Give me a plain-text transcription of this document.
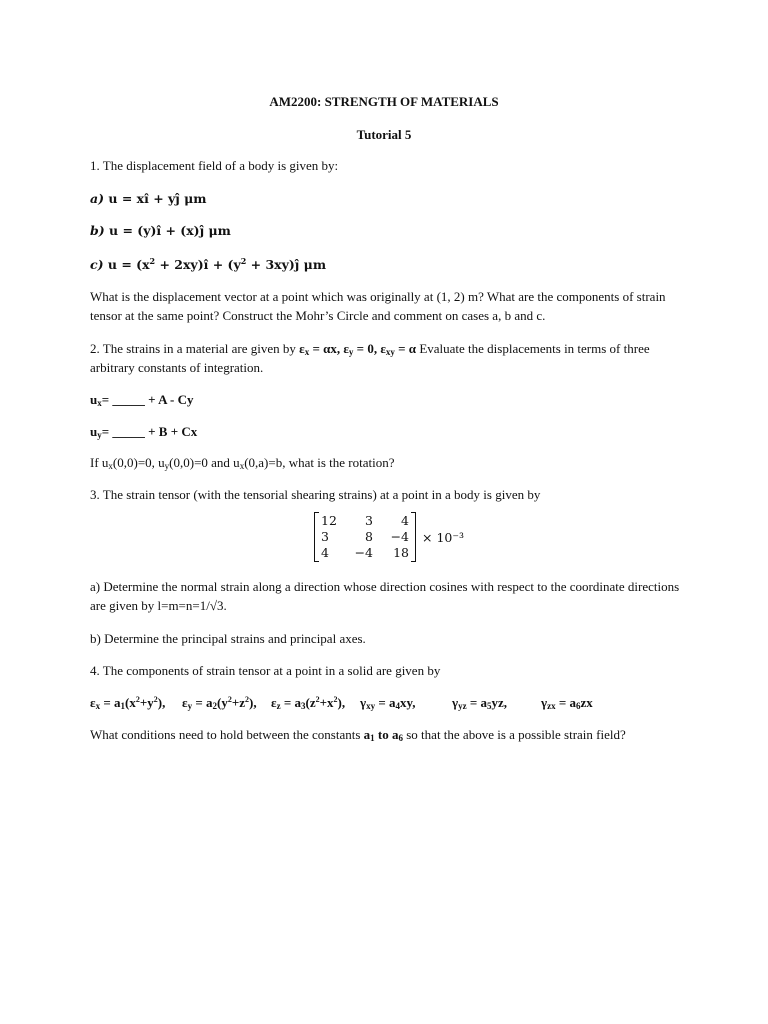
AM2200: STRENGTH OF MATERIALS
Tutorial 5
1. The displacement field of a body is given by:
a) u = xî + yĵ μm
b) u = (y)î + (x)ĵ μm
c) $u = (x^2$ + 2xy)î + ($y^2$ + 3xy)ĵ μm
What is the displacement vector at a point which was originally at (1, 2) m? What are the components of strain tensor at the same point? Construct the Mohr’s Circle and comment on cases a, b and c.
2. The strains in a material are given by $\varepsilon_x = \alpha x$, $\varepsilon_y = 0$, $\varepsilon_{xy} = \alpha$ Evaluate the displacements in terms of three arbitrary constants of integration.
$u_x=$ _____ + A - Cy
$u_y=$ _____ + B + Cx
If $u_x(0,0)=0$, $u_y(0,0)=0$ and $u_x(0,a)=b$, what is the rotation?
3. The strain tensor (with the tensorial shearing strains) at a point in a body is given by
12	3	4
3	8	−4
4	−4	18
× 10⁻³
a) Determine the normal strain along a direction whose direction cosines with respect to the coordinate directions are given by l=m=n=1/√3.
b) Determine the principal strains and principal axes.
4. The components of strain tensor at a point in a solid are given by
$\varepsilon_x = a_1(x^2+y^2)$, $\varepsilon_y = a_2(y^2+z^2)$, $\varepsilon_z = a_3(z^2+x^2)$, $\gamma_{xy} = a_4xy$,	$\gamma_{yz} = a_5yz$,	$\gamma_{zx} = a_6zx$
What conditions need to hold between the constants $a_1$ to $a_6$ so that the above is a possible strain field?
